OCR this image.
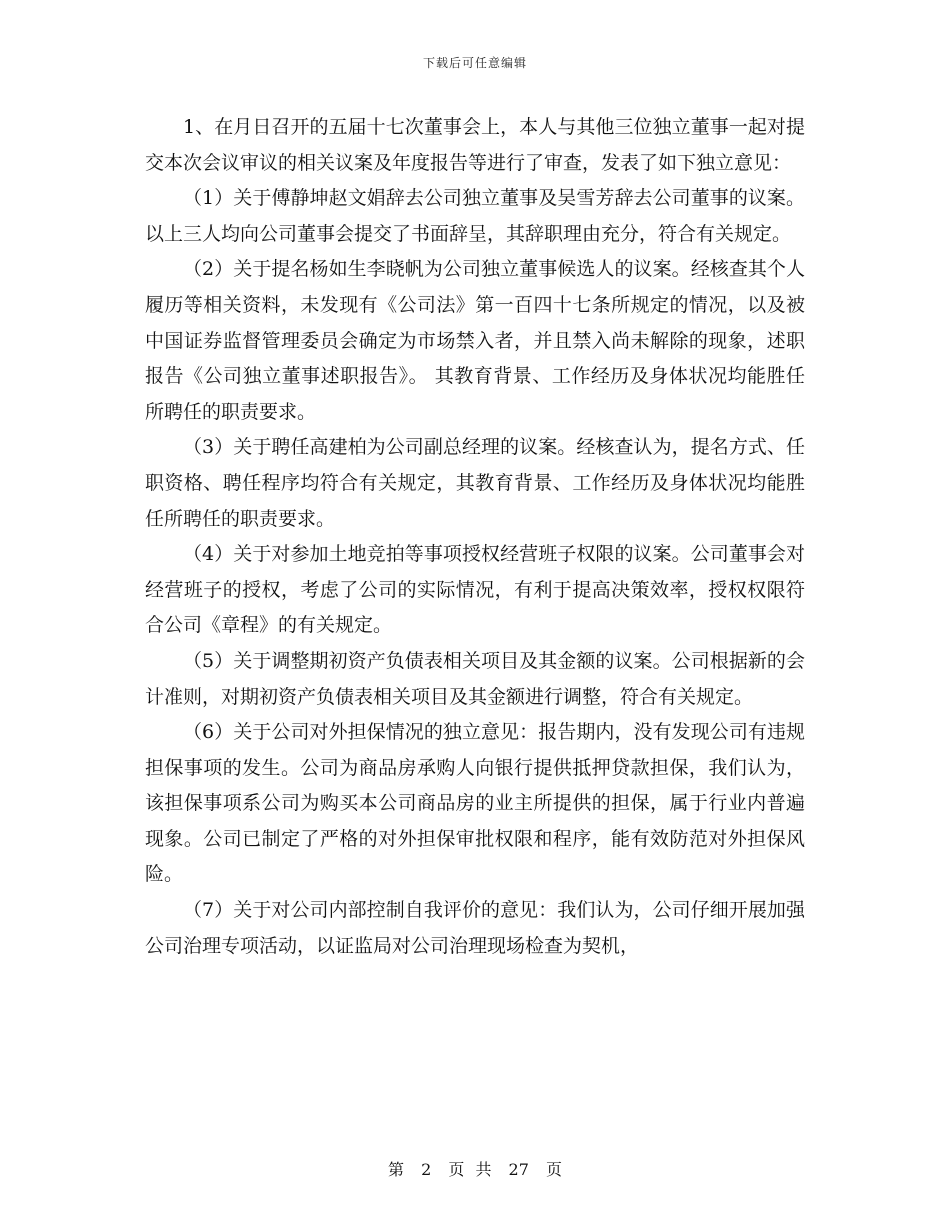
下载后可任意编辑

1、在月日召开的五届十七次董事会上，本人与其他三位独立董事一起对提交本次会议审议的相关议案及年度报告等进行了审查，发表了如下独立意见：

（1）关于傅静坤赵文娟辞去公司独立董事及吴雪芳辞去公司董事的议案。以上三人均向公司董事会提交了书面辞呈，其辞职理由充分，符合有关规定。

（2）关于提名杨如生李晓帆为公司独立董事候选人的议案。经核查其个人履历等相关资料，未发现有《公司法》第一百四十七条所规定的情况，以及被中国证券监督管理委员会确定为市场禁入者，并且禁入尚未解除的现象，述职报告《公司独立董事述职报告》。 其教育背景、工作经历及身体状况均能胜任所聘任的职责要求。

（3）关于聘任高建柏为公司副总经理的议案。经核查认为，提名方式、任职资格、聘任程序均符合有关规定，其教育背景、工作经历及身体状况均能胜任所聘任的职责要求。

（4）关于对参加土地竞拍等事项授权经营班子权限的议案。公司董事会对经营班子的授权，考虑了公司的实际情况，有利于提高决策效率，授权权限符合公司《章程》的有关规定。

（5）关于调整期初资产负债表相关项目及其金额的议案。公司根据新的会计准则，对期初资产负债表相关项目及其金额进行调整，符合有关规定。

（6）关于公司对外担保情况的独立意见：报告期内，没有发现公司有违规担保事项的发生。公司为商品房承购人向银行提供抵押贷款担保，我们认为，该担保事项系公司为购买本公司商品房的业主所提供的担保，属于行业内普遍现象。公司已制定了严格的对外担保审批权限和程序，能有效防范对外担保风险。

（7）关于对公司内部控制自我评价的意见：我们认为，公司仔细开展加强公司治理专项活动，以证监局对公司治理现场检查为契机，

第 2 页 共 27 页
